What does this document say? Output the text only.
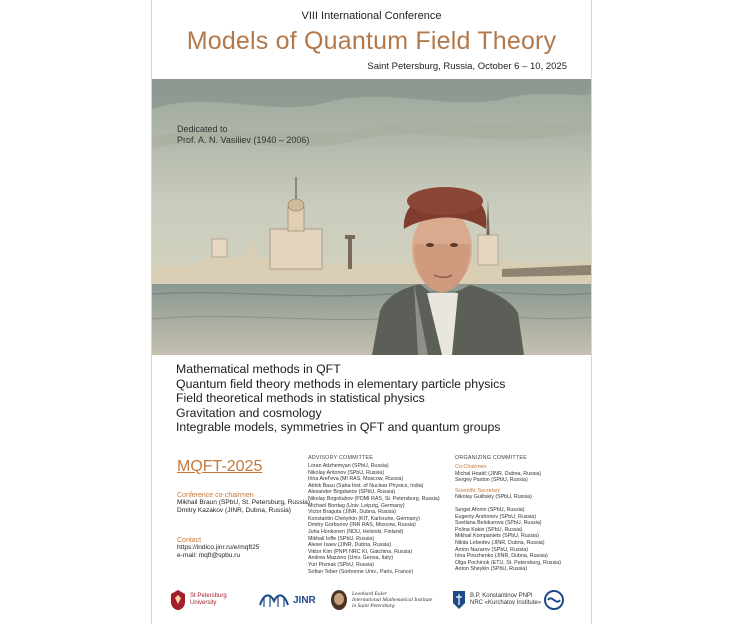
VIII International Conference
Models of Quantum Field Theory
Saint Petersburg, Russia, October 6 – 10, 2025
Dedicated to
Prof. A. N. Vasiliev (1940 – 2006)
Mathematical methods in QFT
Quantum field theory methods in elementary particle physics
Field theoretical methods in statistical physics
Gravitation and cosmology
Integrable models, symmetries in QFT and quantum groups
MQFT-2025
Conference co-chairmen
Mikhail Braun (SPbU, St. Petersburg, Russia)
Dmitry Kazakov (JINR, Dubna, Russia)
Contact
https://indico.jinr.ru/e/mqft25
e-mail: mqft@spbu.ru
ADVISORY COMMITTEE
Loran Adzhemyan (SPbU, Russia)
Nikolay Antonov (SPbU, Russia)
Irina Aref'eva (MI RAS, Moscow, Russia)
Abhik Basu (Saha Inst. of Nuclear Physics, India)
Alexander Bogdanov (SPbU, Russia)
Nikolay Bogoliubov (PDMI RAS, St. Petersburg, Russia)
Michael Bordag (Univ. Leipzig, Germany)
Victor Braguta (JINR, Dubna, Russia)
Konstantin Chetyrkin (KIT, Karlsruhe, Germany)
Dmitry Gorbunov (INR RAS, Moscow, Russia)
Juha Honkonen (NDU, Helsinki, Finland)
Mikhail Ioffe (SPbU, Russia)
Alexei Isaev (JINR, Dubna, Russia)
Viktor Kim (PNPI NRC KI, Gatchina, Russia)
Andrea Mazzino (Univ. Genoa, Italy)
Yuri Pismak (SPbU, Russia)
Sofian Teber (Sorbonne Univ., Paris, France)
ORGANIZING COMMITTEE
Co-Chairmen
Michal Hnatič (JINR, Dubna, Russia)
Sergey Paston (SPbU, Russia)
Scientific Secretary
Nikolay Gulitskiy (SPbU, Russia)
Sergei Afonin (SPbU, Russia)
Eugeniy Andronov (SPbU, Russia)
Svetlana Belokurova (SPbU, Russia)
Polina Kakin (SPbU, Russia)
Mikhail Kompaniets (SPbU, Russia)
Nikita Lebedev (JINR, Dubna, Russia)
Anton Nazarov (SPbU, Russia)
Irina Pirozhenko (JINR, Dubna, Russia)
Olga Pochinok (ETU, St. Petersburg, Russia)
Anton Sheykin (SPbU, Russia)
St Petersburg
University	JINR
Leonhard Euler
International Mathematical Institute
in Saint Petersburg
B.P. Konstantinov PNPI
NRC «Kurchatov Institute»
